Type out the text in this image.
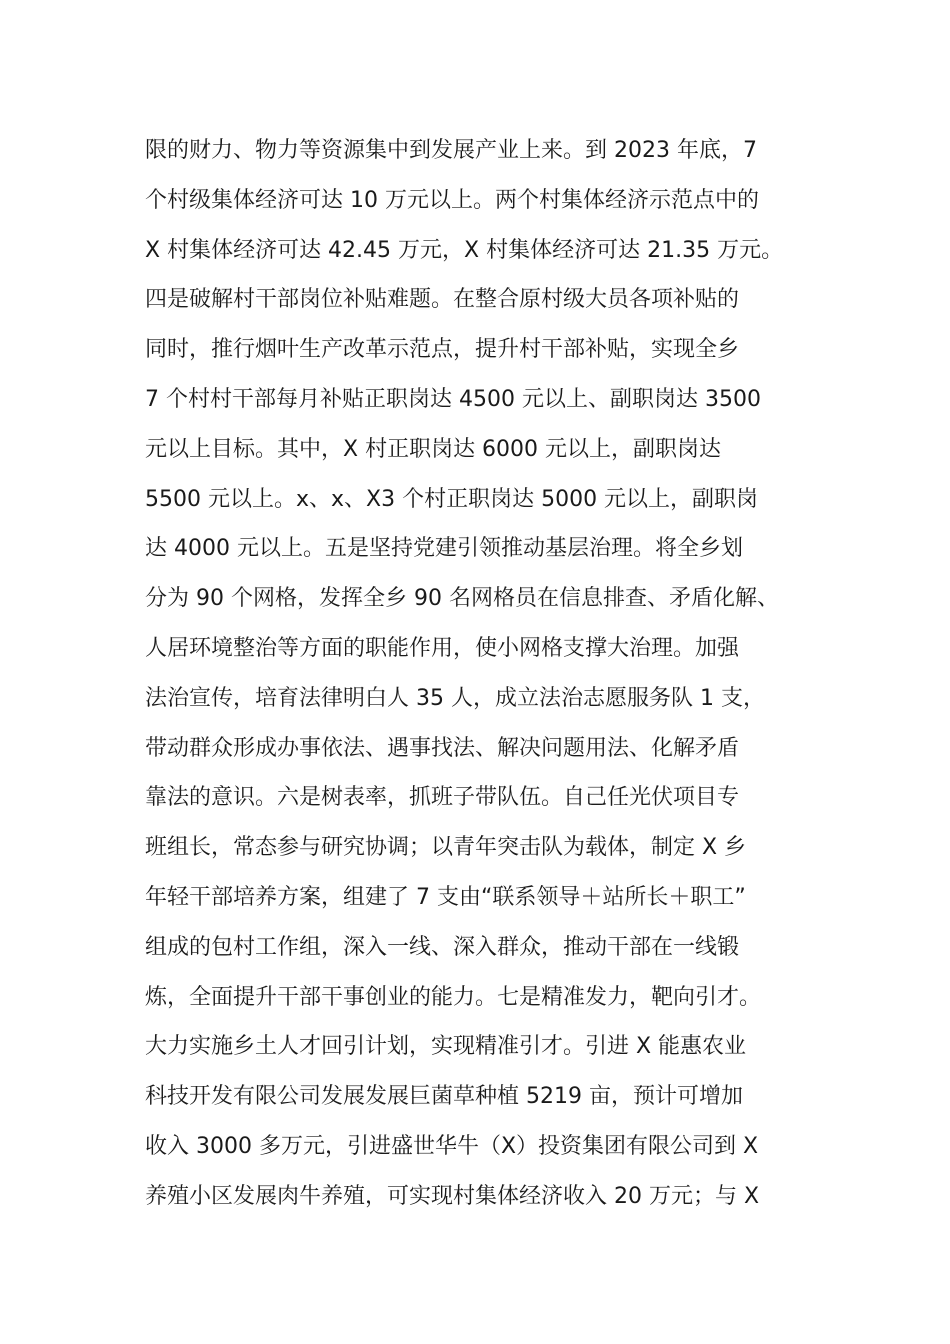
限的财力、物力等资源集中到发展产业上来。到 2023 年底，7
个村级集体经济可达 10 万元以上。两个村集体经济示范点中的
X 村集体经济可达 42.45 万元，X 村集体经济可达 21.35 万元。
四是破解村干部岗位补贴难题。在整合原村级大员各项补贴的
同时，推行烟叶生产改革示范点，提升村干部补贴，实现全乡
7 个村村干部每月补贴正职岗达 4500 元以上、副职岗达 3500
元以上目标。其中，X 村正职岗达 6000 元以上，副职岗达
5500 元以上。x、x、X3 个村正职岗达 5000 元以上，副职岗
达 4000 元以上。五是坚持党建引领推动基层治理。将全乡划
分为 90 个网格，发挥全乡 90 名网格员在信息排查、矛盾化解、
人居环境整治等方面的职能作用，使小网格支撑大治理。加强
法治宣传，培育法律明白人 35 人，成立法治志愿服务队 1 支，
带动群众形成办事依法、遇事找法、解决问题用法、化解矛盾
靠法的意识。六是树表率，抓班子带队伍。自己任光伏项目专
班组长，常态参与研究协调；以青年突击队为载体，制定 X 乡
年轻干部培养方案，组建了 7 支由“联系领导＋站所长＋职工”
组成的包村工作组，深入一线、深入群众，推动干部在一线锻
炼，全面提升干部干事创业的能力。七是精准发力，靶向引才。
大力实施乡土人才回引计划，实现精准引才。引进 X 能惠农业
科技开发有限公司发展发展巨菌草种植 5219 亩，预计可增加
收入 3000 多万元，引进盛世华牛（X）投资集团有限公司到 X
养殖小区发展肉牛养殖，可实现村集体经济收入 20 万元；与 X
